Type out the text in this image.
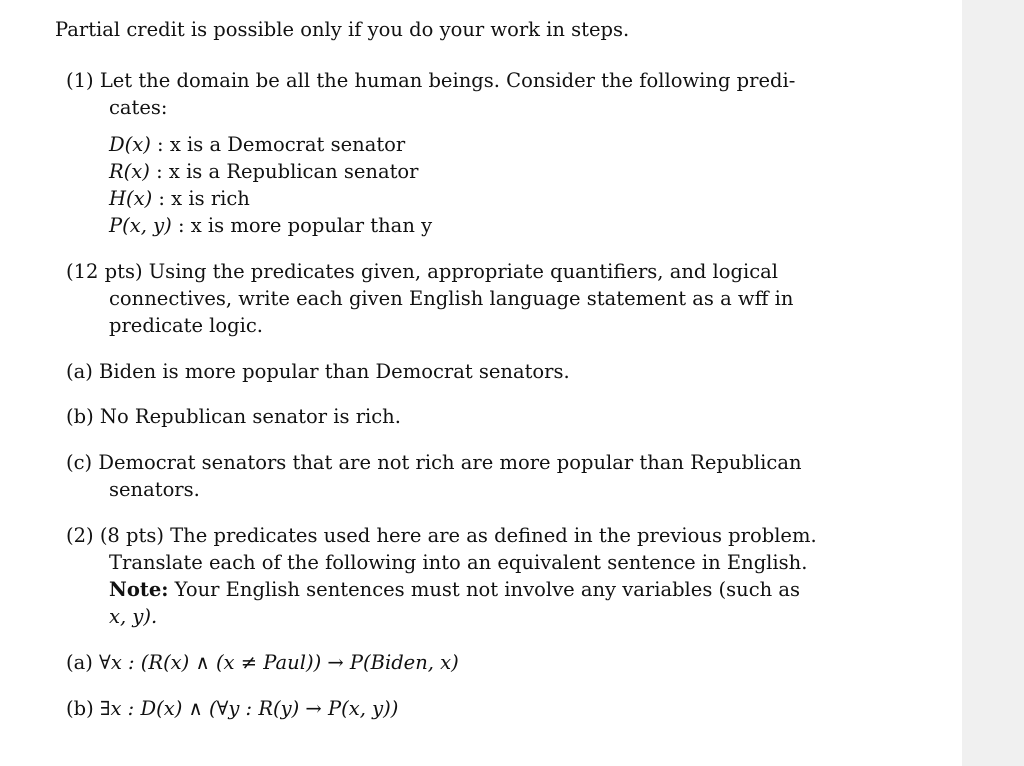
Partial credit is possible only if you do your work in steps.
(1) Let the domain be all the human beings. Consider the following predi-
cates:
D(x) : x is a Democrat senator
R(x) : x is a Republican senator
H(x) : x is rich
P(x, y) : x is more popular than y
(12 pts) Using the predicates given, appropriate quantifiers, and logical
connectives, write each given English language statement as a wff in
predicate logic.
(a) Biden is more popular than Democrat senators.
(b) No Republican senator is rich.
(c) Democrat senators that are not rich are more popular than Republican
senators.
(2) (8 pts) The predicates used here are as defined in the previous problem.
Translate each of the following into an equivalent sentence in English.
Note: Your English sentences must not involve any variables (such as
x, y).
(a) ∀x : (R(x) ∧ (x ≠ Paul)) → P(Biden, x)
(b) ∃x : D(x) ∧ (∀y : R(y) → P(x, y))
